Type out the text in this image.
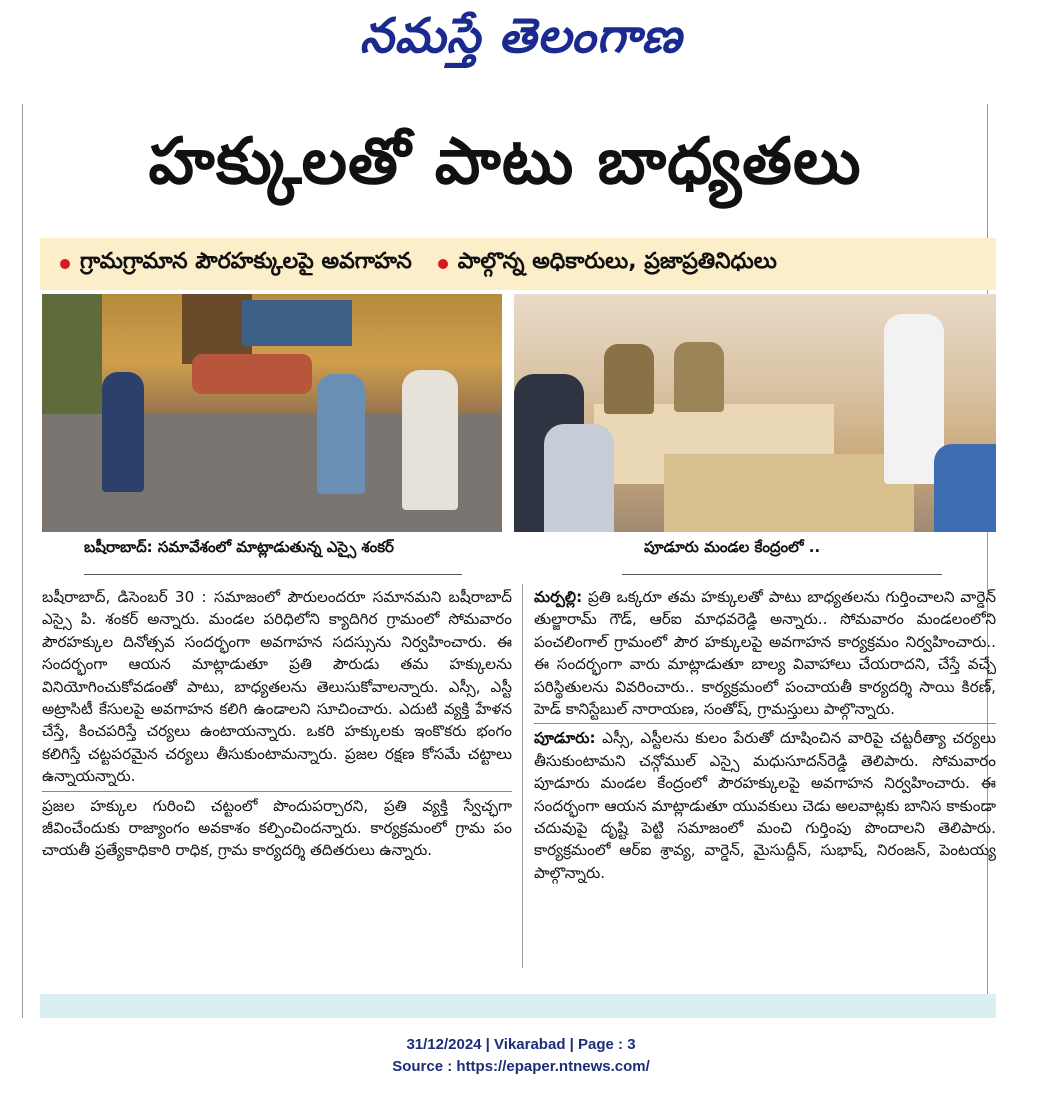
నమస్తే తెలంగాణ
హక్కులతో పాటు బాధ్యతలు
గ్రామగ్రామాన పౌరహక్కులపై అవగాహన పాల్గొన్న అధికారులు, ప్రజాప్రతినిధులు
బషీరాబాద్: సమావేశంలో మాట్లాడుతున్న ఎస్సై శంకర్	పూడూరు మండల కేంద్రంలో ..

బషీరాబాద్, డిసెంబర్ 30 : సమాజంలో పౌరులందరూ సమానమని బషీరాబాద్ ఎస్సై పి. శంకర్ అన్నారు. మండల పరిధిలోని క్యాదిగిర గ్రామంలో సోమవారం పౌరహక్కుల దినోత్సవ సందర్భంగా అవగాహన సదస్సును నిర్వహించారు. ఈ సందర్భంగా ఆయన మాట్లాడుతూ ప్రతి పౌరుడు తమ హక్కులను వినియోగించుకోవడంతో పాటు, బాధ్యతలను తెలుసుకోవాలన్నారు. ఎస్సీ, ఎస్టీ అట్రాసిటీ కేసులపై అవగాహన కలిగి ఉండాలని సూచించారు. ఎదుటి వ్యక్తి హేళన చేస్తే, కించపరిస్తే చర్యలు ఉంటాయన్నారు. ఒకరి హక్కులకు ఇంకొకరు భంగం కలిగిస్తే చట్టపరమైన చర్యలు తీసుకుంటామన్నారు. ప్రజల రక్షణ కోసమే చట్టాలు ఉన్నాయన్నారు.

ప్రజల హక్కుల గురించి చట్టంలో పొందుపర్చారని, ప్రతి వ్యక్తి స్వేచ్ఛగా జీవించేందుకు రాజ్యాంగం అవకాశం కల్పించిందన్నారు. కార్యక్రమంలో గ్రామ పం చాయతీ ప్రత్యేకాధికారి రాధిక, గ్రామ కార్యదర్శి తదితరులు ఉన్నారు.

మర్పల్లి: ప్రతి ఒక్కరూ తమ హక్కులతో పాటు బాధ్యతలను గుర్తించాలని వార్డెన్ తుల్జారామ్ గౌడ్, ఆర్ఐ మాధవరెడ్డి అన్నారు.. సోమవారం మండలంలోని పంచలింగాల్ గ్రామంలో పౌర హక్కులపై అవగాహన కార్యక్రమం నిర్వహించారు.. ఈ సందర్భంగా వారు మాట్లాడుతూ బాల్య వివాహాలు చేయరాదని, చేస్తే వచ్చే పరిస్థితులను వివరించారు.. కార్యక్రమంలో పంచాయతీ కార్యదర్శి సాయి కిరణ్, హెడ్ కానిస్టేబుల్ నారాయణ, సంతోష్, గ్రామస్తులు పాల్గొన్నారు.

పూడూరు: ఎస్సీ, ఎస్టీలను కులం పేరుతో దూషించిన వారిపై చట్టరీత్యా చర్యలు తీసుకుంటామని చన్గోముల్ ఎస్సై మధుసూదన్‌రెడ్డి తెలిపారు. సోమవారం పూడూరు మండల కేంద్రంలో పౌరహక్కులపై అవగాహన నిర్వహించారు. ఈ సందర్భంగా ఆయన మాట్లాడుతూ యువకులు చెడు అలవాట్లకు బానిస కాకుండా చదువుపై దృష్టి పెట్టి సమాజంలో మంచి గుర్తింపు పొందాలని తెలిపారు. కార్యక్రమంలో ఆర్ఐ శ్రావ్య, వార్డెన్, మైసుద్దీన్, సుభాష్, నిరంజన్, పెంటయ్య పాల్గొన్నారు.

31/12/2024 | Vikarabad | Page : 3
Source : https://epaper.ntnews.com/
